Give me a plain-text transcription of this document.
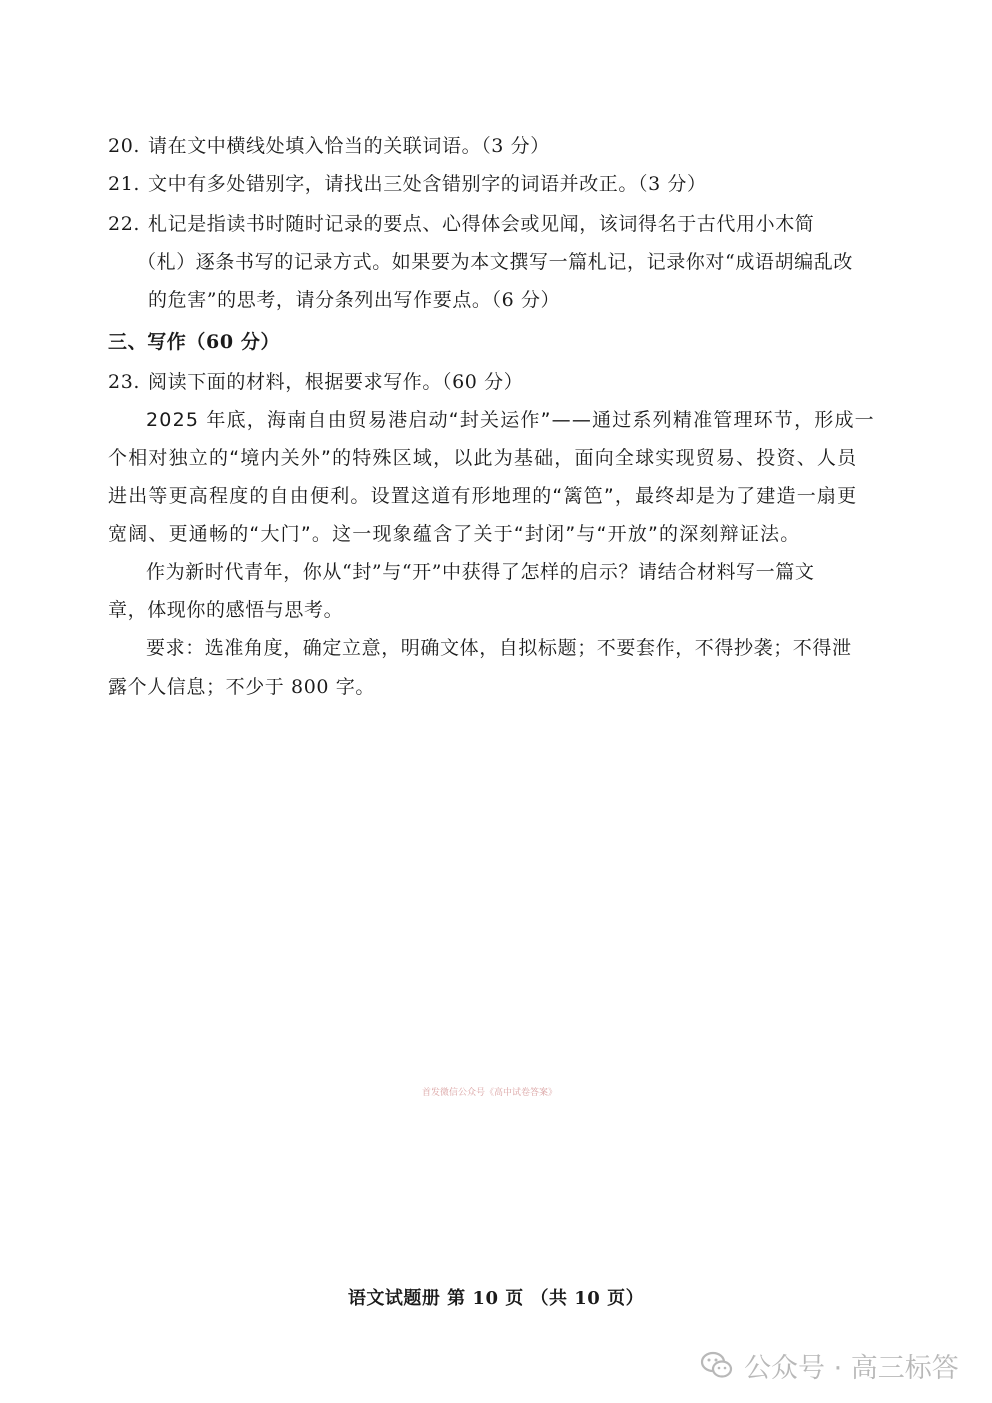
20. 请在文中横线处填入恰当的关联词语。（3 分）
21. 文中有多处错别字，请找出三处含错别字的词语并改正。（3 分）
22. 札记是指读书时随时记录的要点、心得体会或见闻，该词得名于古代用小木简
（札）逐条书写的记录方式。如果要为本文撰写一篇札记，记录你对“成语胡编乱改
的危害”的思考，请分条列出写作要点。（6 分）
三、写作（60 分）
23. 阅读下面的材料，根据要求写作。（60 分）
2025 年底，海南自由贸易港启动“封关运作”——通过系列精准管理环节，形成一
个相对独立的“境内关外”的特殊区域，以此为基础，面向全球实现贸易、投资、人员
进出等更高程度的自由便利。设置这道有形地理的“篱笆”，最终却是为了建造一扇更
宽阔、更通畅的“大门”。这一现象蕴含了关于“封闭”与“开放”的深刻辩证法。
作为新时代青年，你从“封”与“开”中获得了怎样的启示？请结合材料写一篇文
章，体现你的感悟与思考。
要求：选准角度，确定立意，明确文体，自拟标题；不要套作，不得抄袭；不得泄
露个人信息；不少于 800 字。
首发微信公众号《高中试卷答案》
语文试题册 第 10 页 （共 10 页）
公众号 · 高三标答
